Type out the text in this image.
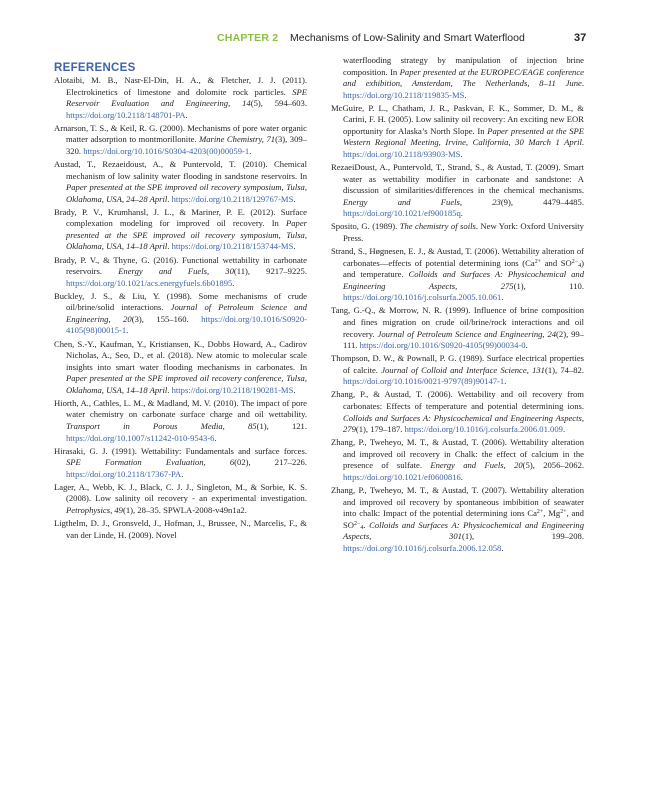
CHAPTER 2 Mechanisms of Low-Salinity and Smart Waterflood	37
REFERENCES

Alotaibi, M. B., Nasr-El-Din, H. A., & Fletcher, J. J. (2011). Electrokinetics of limestone and dolomite rock particles. SPE Reservoir Evaluation and Engineering, 14(5), 594–603. https://doi.org/10.2118/148701-PA.

Arnarson, T. S., & Keil, R. G. (2000). Mechanisms of pore water organic matter adsorption to montmorillonite. Marine Chemistry, 71(3), 309–320. https://doi.org/10.1016/S0304-4203(00)00059-1.

Austad, T., Rezaeidoust, A., & Puntervold, T. (2010). Chemical mechanism of low salinity water flooding in sandstone reservoirs. In Paper presented at the SPE improved oil recovery symposium, Tulsa, Oklahoma, USA, 24–28 April. https://doi.org/10.2118/129767-MS.

Brady, P. V., Krumhansl, J. L., & Mariner, P. E. (2012). Surface complexation modeling for improved oil recovery. In Paper presented at the SPE improved oil recovery symposium, Tulsa, Oklahoma, USA, 14–18 April. https://doi.org/10.2118/153744-MS.

Brady, P. V., & Thyne, G. (2016). Functional wettability in carbonate reservoirs. Energy and Fuels, 30(11), 9217–9225. https://doi.org/10.1021/acs.energyfuels.6b01895.

Buckley, J. S., & Liu, Y. (1998). Some mechanisms of crude oil/brine/solid interactions. Journal of Petroleum Science and Engineering, 20(3), 155–160. https://doi.org/10.1016/S0920-4105(98)00015-1.

Chen, S.-Y., Kaufman, Y., Kristiansen, K., Dobbs Howard, A., Cadirov Nicholas, A., Seo, D., et al. (2018). New atomic to molecular scale insights into smart water flooding mechanisms in carbonates. In Paper presented at the SPE improved oil recovery conference, Tulsa, Oklahoma, USA, 14–18 April. https://doi.org/10.2118/190281-MS.

Hiorth, A., Cathles, L. M., & Madland, M. V. (2010). The impact of pore water chemistry on carbonate surface charge and oil wettability. Transport in Porous Media, 85(1), 121. https://doi.org/10.1007/s11242-010-9543-6.

Hirasaki, G. J. (1991). Wettability: Fundamentals and surface forces. SPE Formation Evaluation, 6(02), 217–226. https://doi.org/10.2118/17367-PA.

Lager, A., Webb, K. J., Black, C. J. J., Singleton, M., & Sorbie, K. S. (2008). Low salinity oil recovery - an experimental investigation. Petrophysics, 49(1), 28–35. SPWLA-2008-v49n1a2.

Ligthelm, D. J., Gronsveld, J., Hofman, J., Brussee, N., Marcelis, F., & van der Linde, H. (2009). Novel

waterflooding strategy by manipulation of injection brine composition. In Paper presented at the EUROPEC/EAGE conference and exhibition, Amsterdam, The Netherlands, 8–11 June. https://doi.org/10.2118/119835-MS.

McGuire, P. L., Chatham, J. R., Paskvan, F. K., Sommer, D. M., & Carini, F. H. (2005). Low salinity oil recovery: An exciting new EOR opportunity for Alaska’s North Slope. In Paper presented at the SPE Western Regional Meeting, Irvine, California, 30 March 1 April. https://doi.org/10.2118/93903-MS.

RezaeiDoust, A., Puntervold, T., Strand, S., & Austad, T. (2009). Smart water as wettability modifier in carbonate and sandstone: A discussion of similarities/differences in the chemical mechanisms. Energy and Fuels, 23(9), 4479–4485. https://doi.org/10.1021/ef900185q.

Sposito, G. (1989). The chemistry of soils. New York: Oxford University Press.

Strand, S., Høgnesen, E. J., & Austad, T. (2006). Wettability alteration of carbonates—effects of potential determining ions ($Ca^{2+}$ and $SO^{2-}_4$) and temperature. Colloids and Surfaces A: Physicochemical and Engineering Aspects, 275(1), 110. https://doi.org/10.1016/j.colsurfa.2005.10.061.

Tang, G.-Q., & Morrow, N. R. (1999). Influence of brine composition and fines migration on crude oil/brine/rock interactions and oil recovery. Journal of Petroleum Science and Engineering, 24(2), 99–111. https://doi.org/10.1016/S0920-4105(99)00034-0.

Thompson, D. W., & Pownall, P. G. (1989). Surface electrical properties of calcite. Journal of Colloid and Interface Science, 131(1), 74–82. https://doi.org/10.1016/0021-9797(89)90147-1.

Zhang, P., & Austad, T. (2006). Wettability and oil recovery from carbonates: Effects of temperature and potential determining ions. Colloids and Surfaces A: Physicochemical and Engineering Aspects, 279(1), 179–187. https://doi.org/10.1016/j.colsurfa.2006.01.009.

Zhang, P., Tweheyo, M. T., & Austad, T. (2006). Wettability alteration and improved oil recovery in Chalk: the effect of calcium in the presence of sulfate. Energy and Fuels, 20(5), 2056–2062. https://doi.org/10.1021/ef0600816.

Zhang, P., Tweheyo, M. T., & Austad, T. (2007). Wettability alteration and improved oil recovery by spontaneous imbibition of seawater into chalk: Impact of the potential determining ions $Ca^{2+}$, $Mg^{2+}$, and $SO^{2-}_4$. Colloids and Surfaces A: Physicochemical and Engineering Aspects, 301(1), 199–208. https://doi.org/10.1016/j.colsurfa.2006.12.058.
